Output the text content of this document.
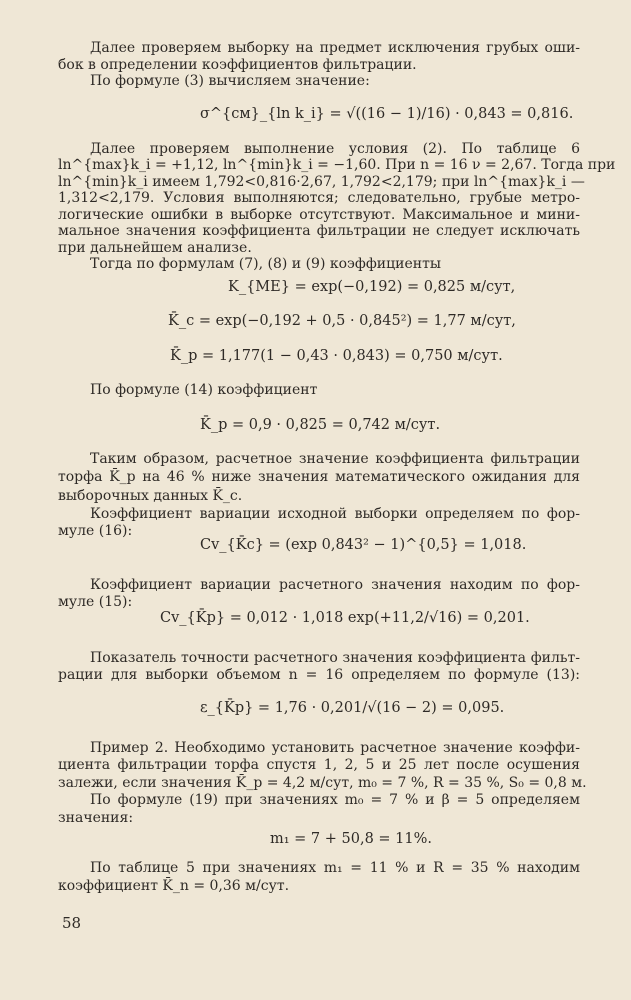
Далее проверяем выборку на предмет исключения грубых оши-
бок в определении коэффициентов фильтрации.
По формуле (3) вычисляем значение:
σ^{см}_{ln k_i} = √((16 − 1)/16) · 0,843 = 0,816.
Далее проверяем выполнение условия (2). По таблице 6
ln^{max}k_i = +1,12, ln^{min}k_i = −1,60. При n = 16 ν = 2,67. Тогда при
ln^{min}k_i имеем 1,792<0,816·2,67, 1,792<2,179; при ln^{max}k_i —
1,312<2,179. Условия выполняются; следовательно, грубые метро-
логические ошибки в выборке отсутствуют. Максимальное и мини-
мальное значения коэффициента фильтрации не следует исключать
при дальнейшем анализе.
Тогда по формулам (7), (8) и (9) коэффициенты
K_{ME} = exp(−0,192) = 0,825 м/сут,
K̄_c = exp(−0,192 + 0,5 · 0,845²) = 1,77 м/сут,
K̄_p = 1,177(1 − 0,43 · 0,843) = 0,750 м/сут.
По формуле (14) коэффициент
K̄_p = 0,9 · 0,825 = 0,742 м/сут.
Таким образом, расчетное значение коэффициента фильтрации
торфа K̄_p на 46 % ниже значения математического ожидания для
выборочных данных K̄_c.
Коэффициент вариации исходной выборки определяем по фор-
муле (16):
Cv_{K̄c} = (exp 0,843² − 1)^{0,5} = 1,018.
Коэффициент вариации расчетного значения находим по фор-
муле (15):
Cv_{K̄p} = 0,012 · 1,018 exp(+11,2/√16) = 0,201.
Показатель точности расчетного значения коэффициента фильт-
рации для выборки объемом n = 16 определяем по формуле (13):
ε_{K̄p} = 1,76 · 0,201/√(16 − 2) = 0,095.
Пример 2. Необходимо установить расчетное значение коэффи-
циента фильтрации торфа спустя 1, 2, 5 и 25 лет после осушения
залежи, если значения K̄_p = 4,2 м/сут, m₀ = 7 %, R = 35 %, S₀ = 0,8 м.
По формуле (19) при значениях m₀ = 7 % и β = 5 определяем
значения:
m₁ = 7 + 50,8 = 11%.
По таблице 5 при значениях m₁ = 11 % и R = 35 % находим
коэффициент K̄_n = 0,36 м/сут.
58
